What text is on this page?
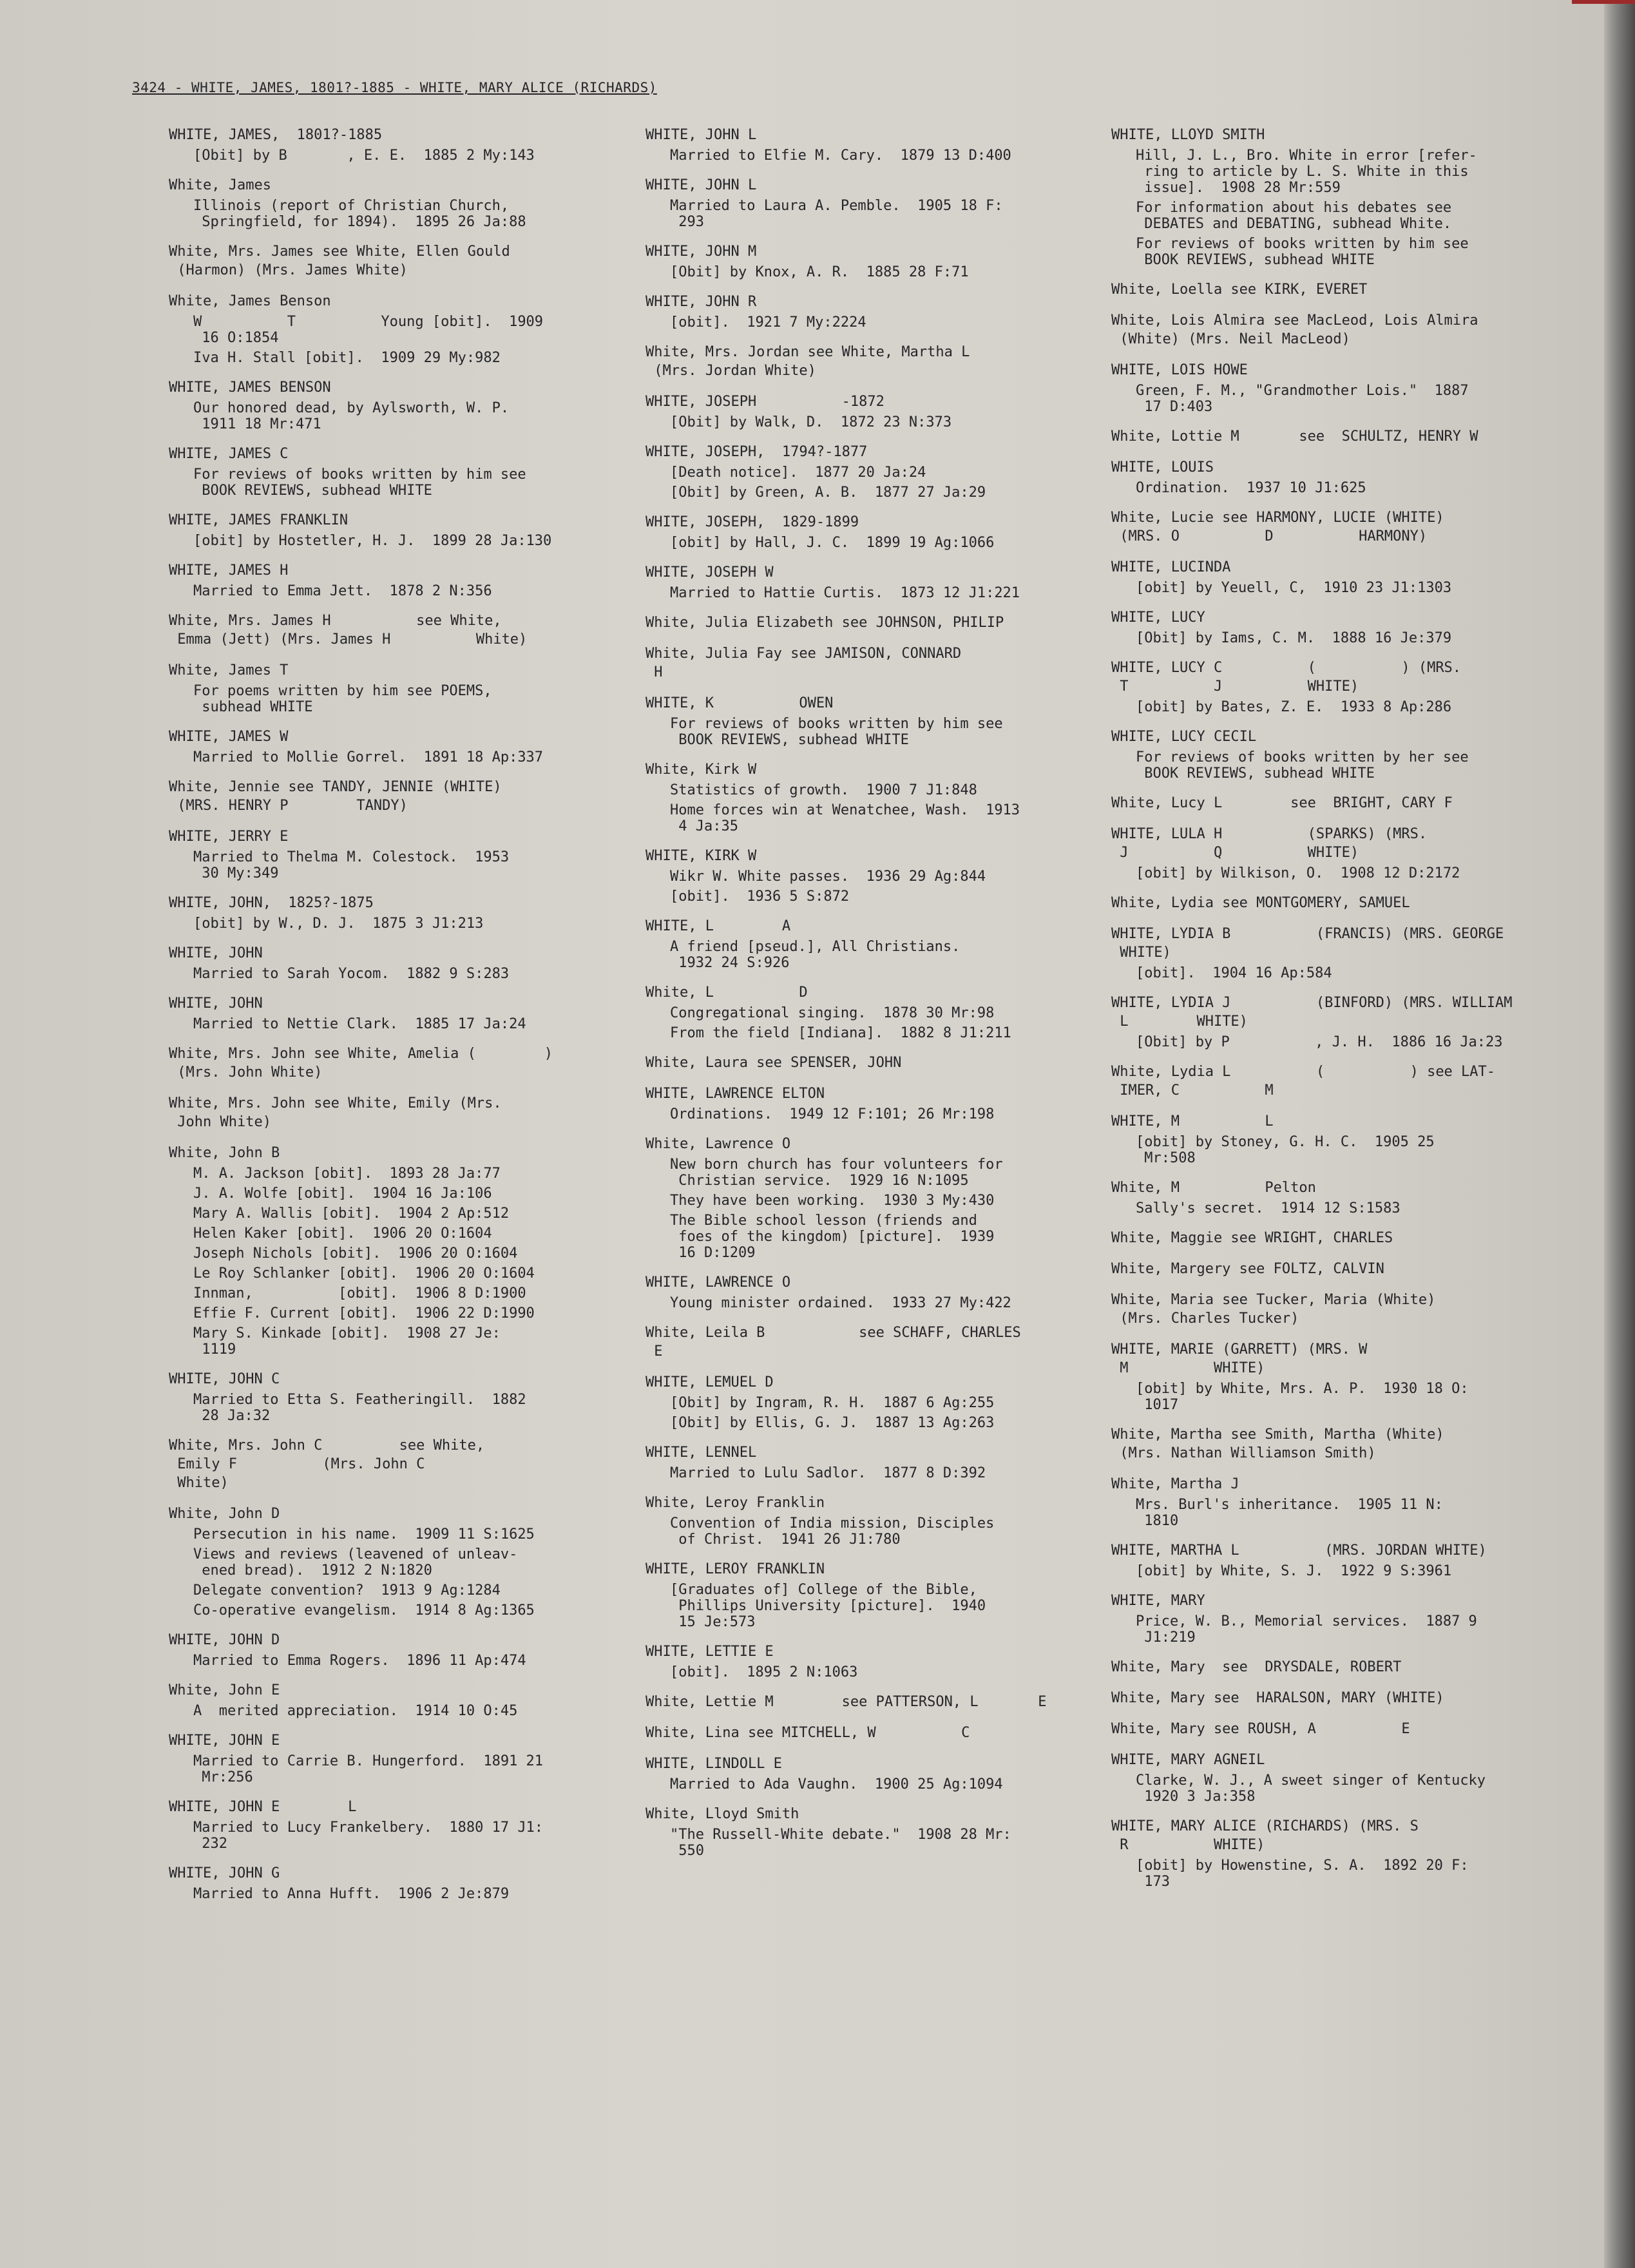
3424 - WHITE, JAMES, 1801?-1885 - WHITE, MARY ALICE (RICHARDS)
WHITE, JAMES,  1801?-1885
[Obit] by B       , E. E.  1885 2 My:143
White, James
Illinois (report of Christian Church,
Springfield, for 1894).  1895 26 Ja:88
White, Mrs. James see White, Ellen Gould
(Harmon) (Mrs. James White)
White, James Benson
W          T          Young [obit].  1909
16 O:1854
Iva H. Stall [obit].  1909 29 My:982
WHITE, JAMES BENSON
Our honored dead, by Aylsworth, W. P.
1911 18 Mr:471
WHITE, JAMES C
For reviews of books written by him see
BOOK REVIEWS, subhead WHITE
WHITE, JAMES FRANKLIN
[obit] by Hostetler, H. J.  1899 28 Ja:130
WHITE, JAMES H
Married to Emma Jett.  1878 2 N:356
White, Mrs. James H          see White,
Emma (Jett) (Mrs. James H          White)
White, James T
For poems written by him see POEMS,
subhead WHITE
WHITE, JAMES W
Married to Mollie Gorrel.  1891 18 Ap:337
White, Jennie see TANDY, JENNIE (WHITE)
(MRS. HENRY P        TANDY)
WHITE, JERRY E
Married to Thelma M. Colestock.  1953
30 My:349
WHITE, JOHN,  1825?-1875
[obit] by W., D. J.  1875 3 J1:213
WHITE, JOHN
Married to Sarah Yocom.  1882 9 S:283
WHITE, JOHN
Married to Nettie Clark.  1885 17 Ja:24
White, Mrs. John see White, Amelia (        )
(Mrs. John White)
White, Mrs. John see White, Emily (Mrs.
John White)
White, John B
M. A. Jackson [obit].  1893 28 Ja:77
J. A. Wolfe [obit].  1904 16 Ja:106
Mary A. Wallis [obit].  1904 2 Ap:512
Helen Kaker [obit].  1906 20 O:1604
Joseph Nichols [obit].  1906 20 O:1604
Le Roy Schlanker [obit].  1906 20 O:1604
Innman,          [obit].  1906 8 D:1900
Effie F. Current [obit].  1906 22 D:1990
Mary S. Kinkade [obit].  1908 27 Je:
1119
WHITE, JOHN C
Married to Etta S. Featheringill.  1882
28 Ja:32
White, Mrs. John C         see White,
Emily F          (Mrs. John C
White)
White, John D
Persecution in his name.  1909 11 S:1625
Views and reviews (leavened of unleav-
ened bread).  1912 2 N:1820
Delegate convention?  1913 9 Ag:1284
Co-operative evangelism.  1914 8 Ag:1365
WHITE, JOHN D
Married to Emma Rogers.  1896 11 Ap:474
White, John E
A  merited appreciation.  1914 10 O:45
WHITE, JOHN E
Married to Carrie B. Hungerford.  1891 21
Mr:256
WHITE, JOHN E        L
Married to Lucy Frankelbery.  1880 17 J1:
232
WHITE, JOHN G
Married to Anna Hufft.  1906 2 Je:879
WHITE, JOHN L
Married to Elfie M. Cary.  1879 13 D:400
WHITE, JOHN L
Married to Laura A. Pemble.  1905 18 F:
293
WHITE, JOHN M
[Obit] by Knox, A. R.  1885 28 F:71
WHITE, JOHN R
[obit].  1921 7 My:2224
White, Mrs. Jordan see White, Martha L
(Mrs. Jordan White)
WHITE, JOSEPH          -1872
[Obit] by Walk, D.  1872 23 N:373
WHITE, JOSEPH,  1794?-1877
[Death notice].  1877 20 Ja:24
[Obit] by Green, A. B.  1877 27 Ja:29
WHITE, JOSEPH,  1829-1899
[obit] by Hall, J. C.  1899 19 Ag:1066
WHITE, JOSEPH W
Married to Hattie Curtis.  1873 12 J1:221
White, Julia Elizabeth see JOHNSON, PHILIP
White, Julia Fay see JAMISON, CONNARD
H
WHITE, K          OWEN
For reviews of books written by him see
BOOK REVIEWS, subhead WHITE
White, Kirk W
Statistics of growth.  1900 7 J1:848
Home forces win at Wenatchee, Wash.  1913
4 Ja:35
WHITE, KIRK W
Wikr W. White passes.  1936 29 Ag:844
[obit].  1936 5 S:872
WHITE, L        A
A friend [pseud.], All Christians.
1932 24 S:926
White, L          D
Congregational singing.  1878 30 Mr:98
From the field [Indiana].  1882 8 J1:211
White, Laura see SPENSER, JOHN
WHITE, LAWRENCE ELTON
Ordinations.  1949 12 F:101; 26 Mr:198
White, Lawrence O
New born church has four volunteers for
Christian service.  1929 16 N:1095
They have been working.  1930 3 My:430
The Bible school lesson (friends and
foes of the kingdom) [picture].  1939
16 D:1209
WHITE, LAWRENCE O
Young minister ordained.  1933 27 My:422
White, Leila B           see SCHAFF, CHARLES
E
WHITE, LEMUEL D
[Obit] by Ingram, R. H.  1887 6 Ag:255
[Obit] by Ellis, G. J.  1887 13 Ag:263
WHITE, LENNEL
Married to Lulu Sadlor.  1877 8 D:392
White, Leroy Franklin
Convention of India mission, Disciples
of Christ.  1941 26 J1:780
WHITE, LEROY FRANKLIN
[Graduates of] College of the Bible,
Phillips University [picture].  1940
15 Je:573
WHITE, LETTIE E
[obit].  1895 2 N:1063
White, Lettie M        see PATTERSON, L       E
White, Lina see MITCHELL, W          C
WHITE, LINDOLL E
Married to Ada Vaughn.  1900 25 Ag:1094
White, Lloyd Smith
"The Russell-White debate."  1908 28 Mr:
550
WHITE, LLOYD SMITH
Hill, J. L., Bro. White in error [refer-
ring to article by L. S. White in this
issue].  1908 28 Mr:559
For information about his debates see
DEBATES and DEBATING, subhead White.
For reviews of books written by him see
BOOK REVIEWS, subhead WHITE
White, Loella see KIRK, EVERET
White, Lois Almira see MacLeod, Lois Almira
(White) (Mrs. Neil MacLeod)
WHITE, LOIS HOWE
Green, F. M., "Grandmother Lois."  1887
17 D:403
White, Lottie M       see  SCHULTZ, HENRY W
WHITE, LOUIS
Ordination.  1937 10 J1:625
White, Lucie see HARMONY, LUCIE (WHITE)
(MRS. O          D          HARMONY)
WHITE, LUCINDA
[obit] by Yeuell, C,  1910 23 J1:1303
WHITE, LUCY
[Obit] by Iams, C. M.  1888 16 Je:379
WHITE, LUCY C          (          ) (MRS.
T          J          WHITE)
[obit] by Bates, Z. E.  1933 8 Ap:286
WHITE, LUCY CECIL
For reviews of books written by her see
BOOK REVIEWS, subhead WHITE
White, Lucy L        see  BRIGHT, CARY F
WHITE, LULA H          (SPARKS) (MRS.
J          Q          WHITE)
[obit] by Wilkison, O.  1908 12 D:2172
White, Lydia see MONTGOMERY, SAMUEL
WHITE, LYDIA B          (FRANCIS) (MRS. GEORGE
WHITE)
[obit].  1904 16 Ap:584
WHITE, LYDIA J          (BINFORD) (MRS. WILLIAM
L        WHITE)
[Obit] by P          , J. H.  1886 16 Ja:23
White, Lydia L          (          ) see LAT-
IMER, C          M
WHITE, M          L
[obit] by Stoney, G. H. C.  1905 25
Mr:508
White, M          Pelton
Sally's secret.  1914 12 S:1583
White, Maggie see WRIGHT, CHARLES
White, Margery see FOLTZ, CALVIN
White, Maria see Tucker, Maria (White)
(Mrs. Charles Tucker)
WHITE, MARIE (GARRETT) (MRS. W
M          WHITE)
[obit] by White, Mrs. A. P.  1930 18 O:
1017
White, Martha see Smith, Martha (White)
(Mrs. Nathan Williamson Smith)
White, Martha J
Mrs. Burl's inheritance.  1905 11 N:
1810
WHITE, MARTHA L          (MRS. JORDAN WHITE)
[obit] by White, S. J.  1922 9 S:3961
WHITE, MARY
Price, W. B., Memorial services.  1887 9
J1:219
White, Mary  see  DRYSDALE, ROBERT
White, Mary see  HARALSON, MARY (WHITE)
White, Mary see ROUSH, A          E
WHITE, MARY AGNEIL
Clarke, W. J., A sweet singer of Kentucky
1920 3 Ja:358
WHITE, MARY ALICE (RICHARDS) (MRS. S
R          WHITE)
[obit] by Howenstine, S. A.  1892 20 F:
173
